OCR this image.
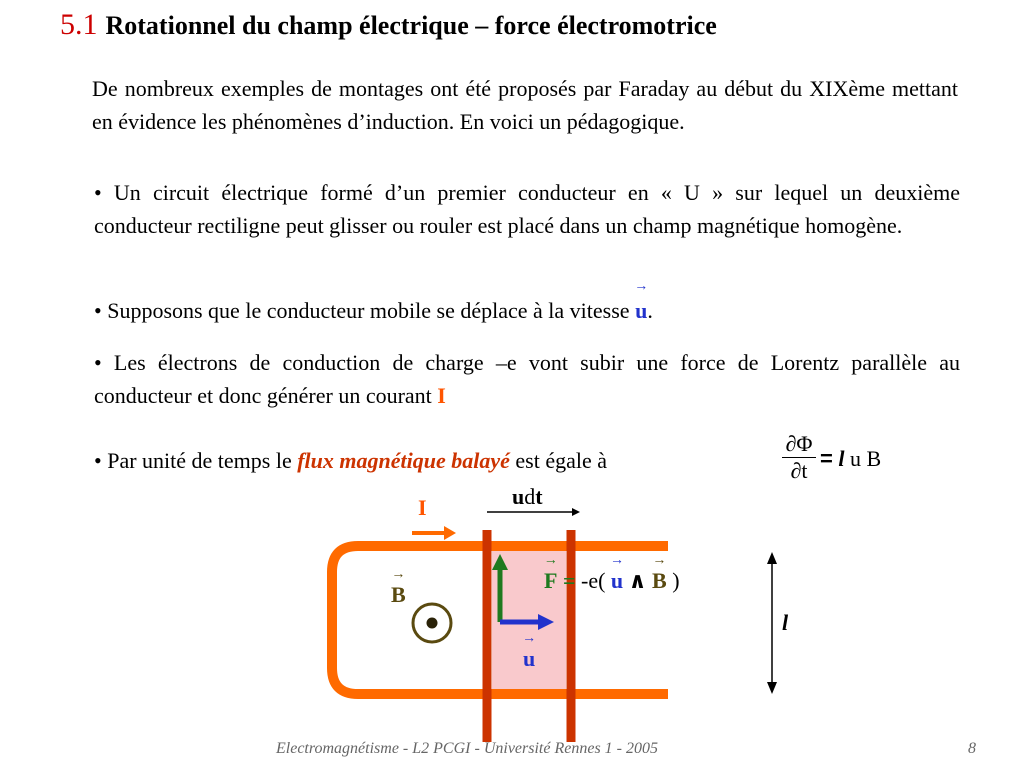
5.1 Rotationnel du champ électrique – force électromotrice
De nombreux exemples de montages ont été proposés par Faraday au début du XIXème mettant en évidence les phénomènes d’induction. En voici un pédagogique.
• Un circuit électrique formé d’un premier conducteur en « U » sur lequel un deuxième conducteur rectiligne peut glisser ou rouler est placé dans un champ magnétique homogène.
• Supposons que le conducteur mobile se déplace à la vitesse → u.
• Les électrons de conduction de charge –e vont subir une force de Lorentz parallèle au conducteur et donc générer un courant I
• Par unité de temps le flux magnétique balayé est égale à
∂Φ
∂t = l u B
I	udt
→ B
→ u
→ F = -e( → u ∧ → B )
l
Electromagnétisme - L2 PCGI - Université Rennes 1 - 2005	8
